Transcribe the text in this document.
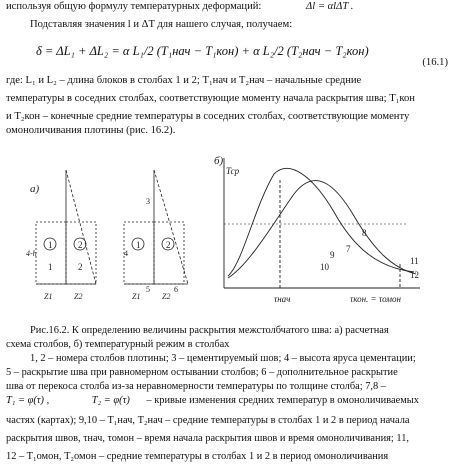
используя общую формулу температурных деформаций:	Δl = αlΔT .
Подставляя значения l и ΔT для нашего случая, получаем:
δ = ΔL₁ + ΔL₂ = α L₁/2 (T₁нач − T₁кон) + α L₂/2 (T₂нач − T₂кон)
(16.1)
где: L₁ и L₂ – длина блоков в столбах 1 и 2; T₁нач и T₂нач – начальные средние
температуры в соседних столбах, соответствующие моменту начала раскрытия шва; T₁кон
и T₂кон – конечные средние температуры в соседних столбах, соответствующие моменту
омоноличивания плотины (рис. 16.2).
а)
1	2
1	2
4-h
Z1	Z2
1	2
3
4
5	6
Z1	Z2
б)
Тср
τнач	τкон. = τомон
8
7
9
10
11
12
Рис.16.2. К определению величины раскрытия межстолбчатого шва: а) расчетная
схема столбов, б) температурный режим в столбах
1, 2 – номера столбов плотины; 3 – цементируемый шов; 4 – высота яруса цементации;
5 – раскрытие шва при равномерном остывании столбов; 6 – дополнительное раскрытие
шва от перекоса столба из-за неравномерности температуры по толщине столба; 7,8 –
T₁ = φ(τ) ,	T₂ = φ(τ) – кривые изменения средних температур в омоноличиваемых
частях (картах); 9,10 – T₁нач, T₂нач – средние температуры в столбах 1 и 2 в период начала
раскрытия швов, τнач, τомон – время начала раскрытия швов и время омоноличивания; 11,
12 – T₁омон, T₂омон – средние температуры в столбах 1 и 2 в период омоноличивания
